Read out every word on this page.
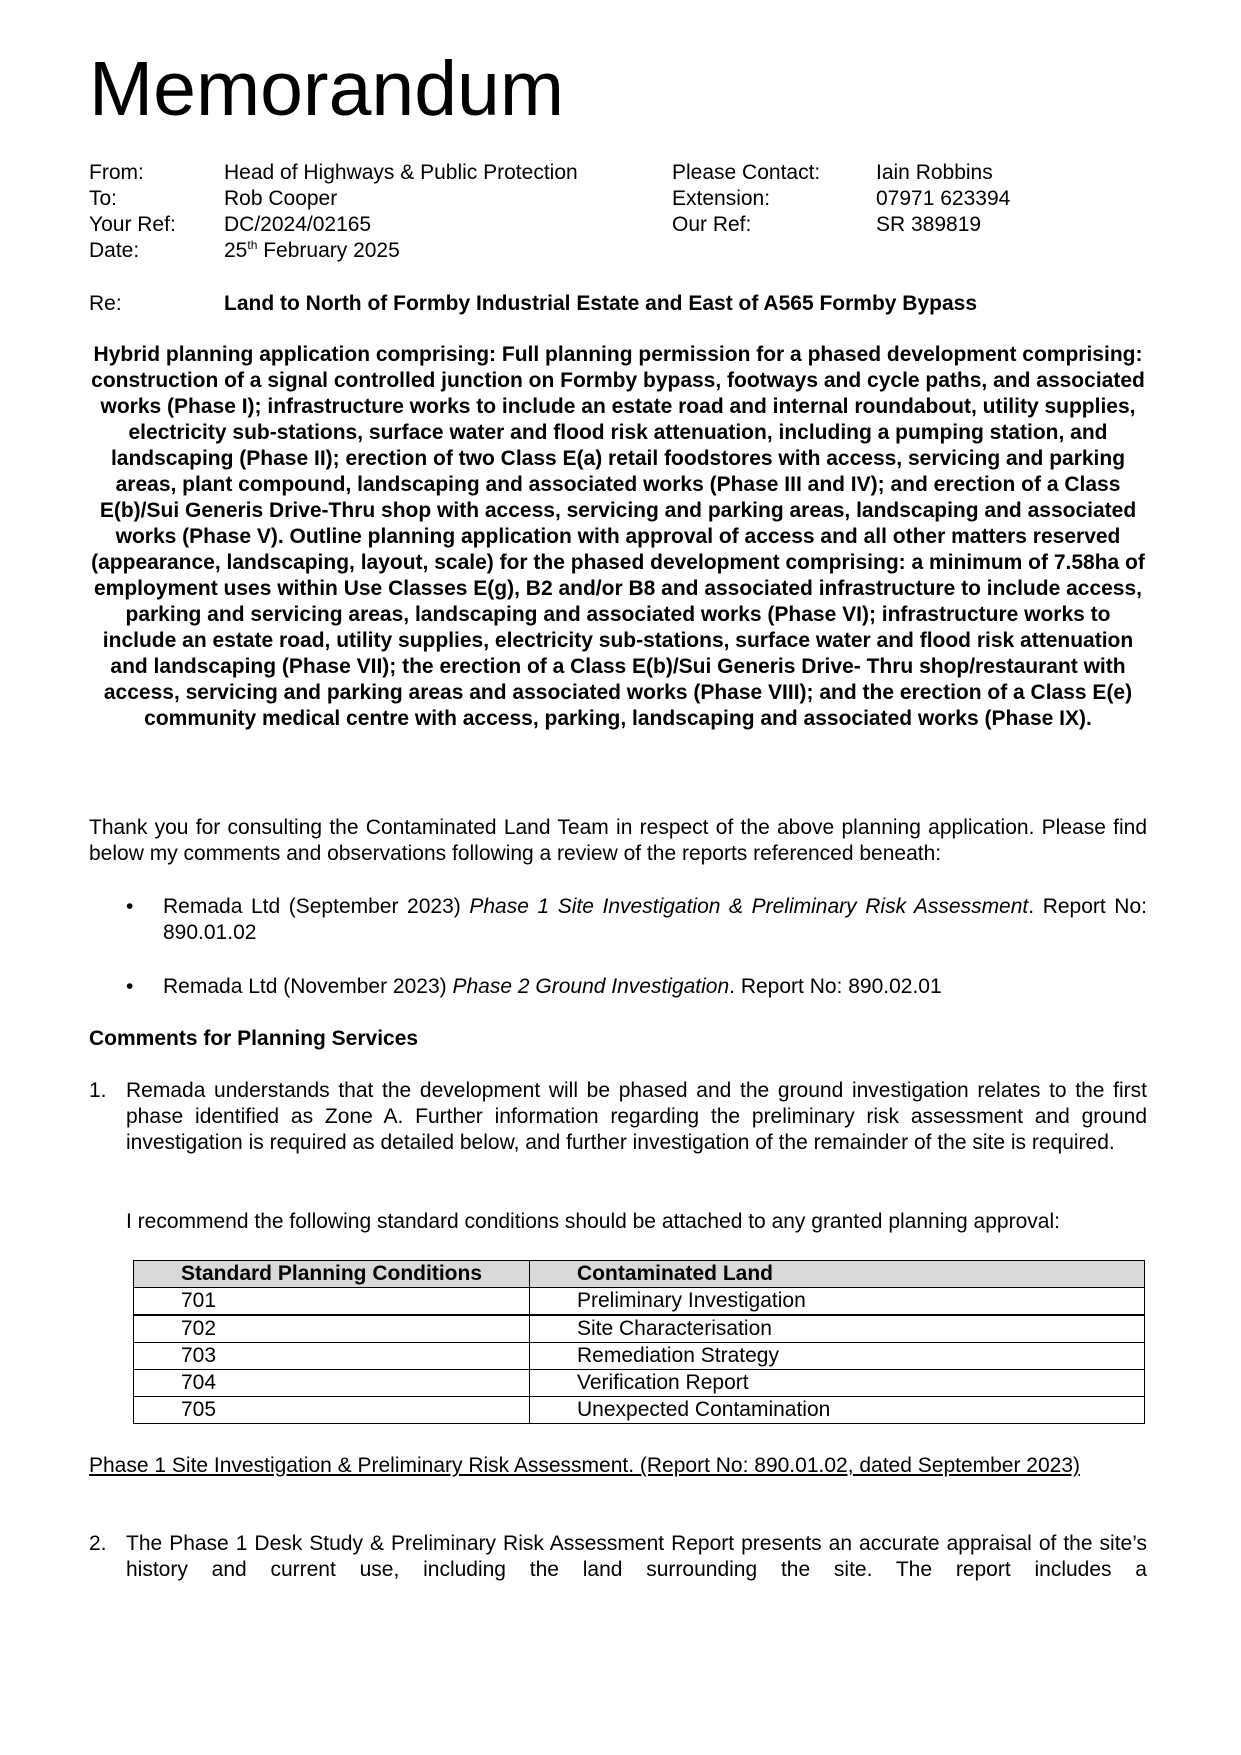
Memorandum
From:	Head of Highways & Public Protection
To:	Rob Cooper
Your Ref:	DC/2024/02165
Date:	25th February 2025
Please Contact:	Iain Robbins
Extension:	07971 623394
Our Ref:	SR 389819
Re:	Land to North of Formby Industrial Estate and East of A565 Formby Bypass
Hybrid planning application comprising: Full planning permission for a phased development comprising: construction of a signal controlled junction on Formby bypass, footways and cycle paths, and associated works (Phase I); infrastructure works to include an estate road and internal roundabout, utility supplies, electricity sub-stations, surface water and flood risk attenuation, including a pumping station, and landscaping (Phase II); erection of two Class E(a) retail foodstores with access, servicing and parking areas, plant compound, landscaping and associated works (Phase III and IV); and erection of a Class E(b)/Sui Generis Drive-Thru shop with access, servicing and parking areas, landscaping and associated works (Phase V). Outline planning application with approval of access and all other matters reserved (appearance, landscaping, layout, scale) for the phased development comprising: a minimum of 7.58ha of employment uses within Use Classes E(g), B2 and/or B8 and associated infrastructure to include access, parking and servicing areas, landscaping and associated works (Phase VI); infrastructure works to include an estate road, utility supplies, electricity sub-stations, surface water and flood risk attenuation and landscaping (Phase VII); the erection of a Class E(b)/Sui Generis Drive- Thru shop/restaurant with access, servicing and parking areas and associated works (Phase VIII); and the erection of a Class E(e) community medical centre with access, parking, landscaping and associated works (Phase IX).
Thank you for consulting the Contaminated Land Team in respect of the above planning application. Please find below my comments and observations following a review of the reports referenced beneath:
•	Remada Ltd (September 2023) Phase 1 Site Investigation & Preliminary Risk Assessment. Report No: 890.01.02
•	Remada Ltd (November 2023) Phase 2 Ground Investigation. Report No: 890.02.01
Comments for Planning Services
1. Remada understands that the development will be phased and the ground investigation relates to the first phase identified as Zone A. Further information regarding the preliminary risk assessment and ground investigation is required as detailed below, and further investigation of the remainder of the site is required.
I recommend the following standard conditions should be attached to any granted planning approval:
Standard Planning Conditions	Contaminated Land
701	Preliminary Investigation
702	Site Characterisation
703	Remediation Strategy
704	Verification Report
705	Unexpected Contamination
Phase 1 Site Investigation & Preliminary Risk Assessment. (Report No: 890.01.02, dated September 2023)
2. The Phase 1 Desk Study & Preliminary Risk Assessment Report presents an accurate appraisal of the site’s history and current use, including the land surrounding the site. The report includes a
